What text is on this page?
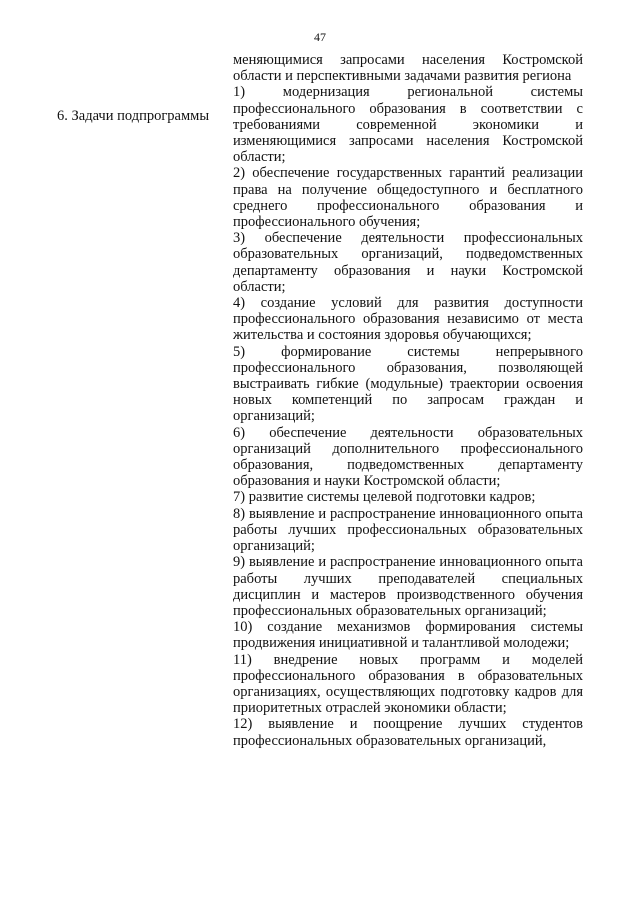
47
6. Задачи подпрограммы

меняющимися запросами населения Костромской области и перспективными задачами развития региона

1) модернизация региональной системы профессионального образования в соответствии с требованиями современной экономики и изменяющимися запросами населения Костромской области;

2) обеспечение государственных гарантий реализации права на получение общедоступного и бесплатного среднего профессионального образования и профессионального обучения;

3) обеспечение деятельности профессиональных образовательных организаций, подведомственных департаменту образования и науки Костромской области;

4) создание условий для развития доступности профессионального образования независимо от места жительства и состояния здоровья обучающихся;

5) формирование системы непрерывного профессионального образования, позволяющей выстраивать гибкие (модульные) траектории освоения новых компетенций по запросам граждан и организаций;

6) обеспечение деятельности образовательных организаций дополнительного профессионального образования, подведомственных департаменту образования и науки Костромской области;

7) развитие системы целевой подготовки кадров;

8) выявление и распространение инновационного опыта работы лучших профессиональных образовательных организаций;

9) выявление и распространение инновационного опыта работы лучших преподавателей специальных дисциплин и мастеров производственного обучения профессиональных образовательных организаций;

10) создание механизмов формирования системы продвижения инициативной и талантливой молодежи;

11) внедрение новых программ и моделей профессионального образования в образовательных организациях, осуществляющих подготовку кадров для приоритетных отраслей экономики области;

12) выявление и поощрение лучших студентов профессиональных образовательных организаций,
